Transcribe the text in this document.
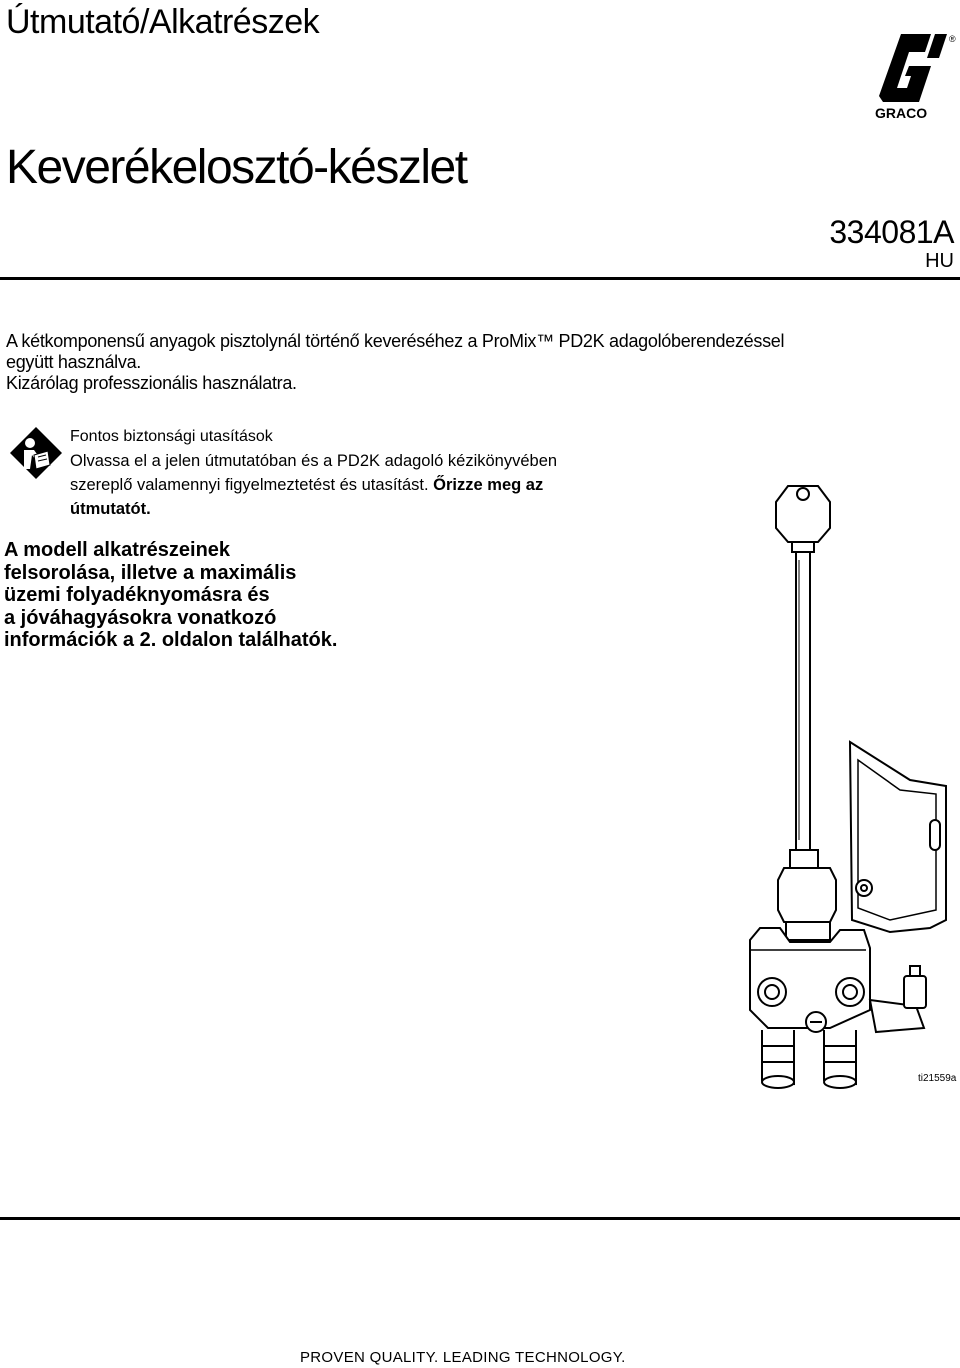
Útmutató/Alkatrészek
GRACO
®
Keverékelosztó-készlet
334081A
HU
A kétkomponensű anyagok pisztolynál történő keveréséhez a ProMix™ PD2K adagolóberendezéssel
együtt használva.
Kizárólag professzionális használatra.
Fontos biztonsági utasítások
Olvassa el a jelen útmutatóban és a PD2K adagoló kézikönyvében
szereplő valamennyi figyelmeztetést és utasítást. Őrizze meg az
útmutatót.
A modell alkatrészeinek
felsorolása, illetve a maximális
üzemi folyadéknyomásra és
a jóváhagyásokra vonatkozó
információk a 2. oldalon találhatók.
ti21559a
PROVEN QUALITY. LEADING TECHNOLOGY.
